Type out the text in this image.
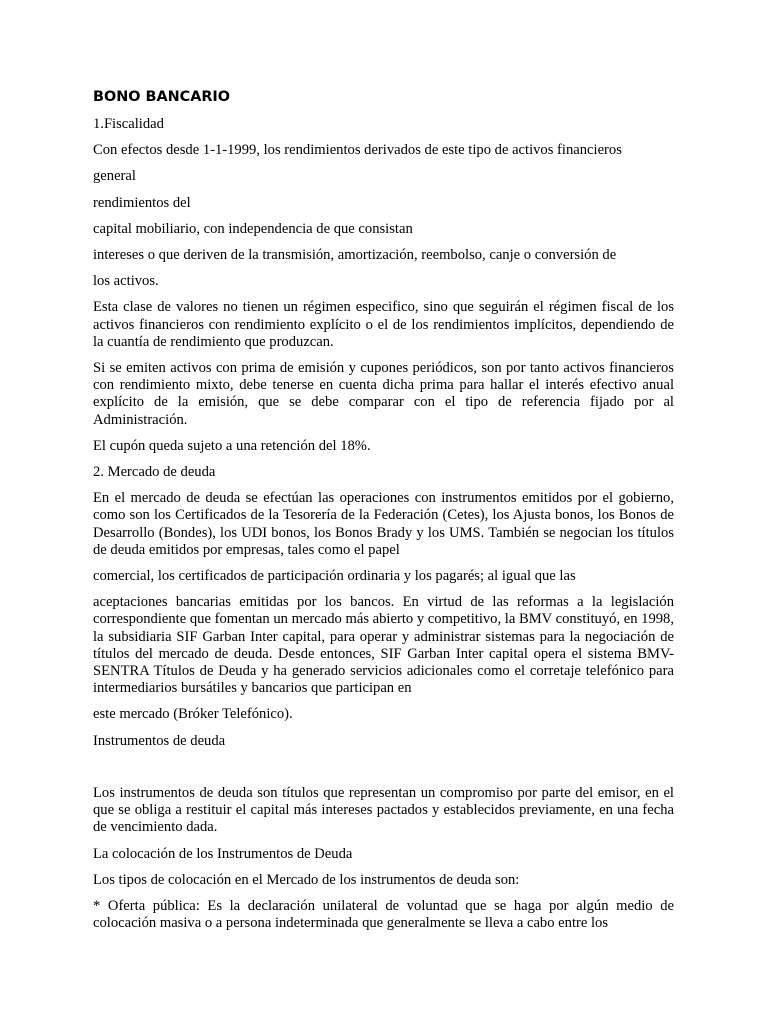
BONO BANCARIO

1.Fiscalidad

Con efectos desde 1-1-1999, los rendimientos derivados de este tipo de activos financieros

general

rendimientos del

capital mobiliario, con independencia de que consistan

intereses o que deriven de la transmisión, amortización, reembolso, canje o conversión de

los activos.

Esta clase de valores no tienen un régimen especifico, sino que seguirán el régimen fiscal de los activos financieros con rendimiento explícito o el de los rendimientos implícitos, dependiendo de la cuantía de rendimiento que produzcan.

Si se emiten activos con prima de emisión y cupones periódicos, son por tanto activos financieros con rendimiento mixto, debe tenerse en cuenta dicha prima para hallar el interés efectivo anual explícito de la emisión, que se debe comparar con el tipo de referencia fijado por al Administración.

El cupón queda sujeto a una retención del 18%.

2. Mercado de deuda

En el mercado de deuda se efectúan las operaciones con instrumentos emitidos por el gobierno, como son los Certificados de la Tesorería de la Federación (Cetes), los Ajusta bonos, los Bonos de Desarrollo (Bondes), los UDI bonos, los Bonos Brady y los UMS. También se negocian los títulos de deuda emitidos por empresas, tales como el papel

comercial, los certificados de participación ordinaria y los pagarés; al igual que las

aceptaciones bancarias emitidas por los bancos. En virtud de las reformas a la legislación correspondiente que fomentan un mercado más abierto y competitivo, la BMV constituyó, en 1998, la subsidiaria SIF Garban Inter capital, para operar y administrar sistemas para la negociación de títulos del mercado de deuda. Desde entonces, SIF Garban Inter capital opera el sistema BMV-SENTRA Títulos de Deuda y ha generado servicios adicionales como el corretaje telefónico para intermediarios bursátiles y bancarios que participan en

este mercado (Bróker Telefónico).

Instrumentos de deuda

Los instrumentos de deuda son títulos que representan un compromiso por parte del emisor, en el que se obliga a restituir el capital más intereses pactados y establecidos previamente, en una fecha de vencimiento dada.

La colocación de los Instrumentos de Deuda

Los tipos de colocación en el Mercado de los instrumentos de deuda son:

* Oferta pública: Es la declaración unilateral de voluntad que se haga por algún medio de colocación masiva o a persona indeterminada que generalmente se lleva a cabo entre los
